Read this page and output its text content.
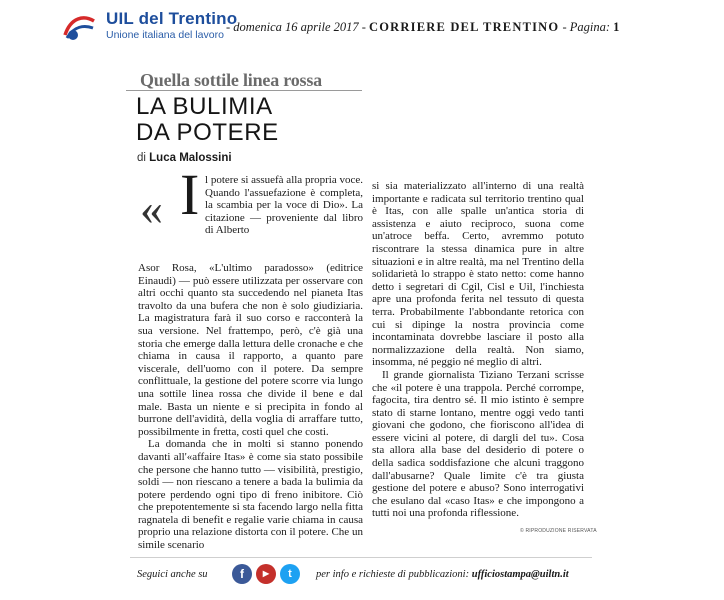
UIL del Trentino
Unione italiana del lavoro
- domenica 16 aprile 2017 - CORRIERE DEL TRENTINO - Pagina: 1
Quella sottile linea rossa
LA BULIMIA
DA POTERE
di Luca Malossini
« I l potere si assuefà alla propria voce. Quando l'assuefazione è completa, la scambia per la voce di Dio». La citazione — proveniente dal libro di Alberto

Asor Rosa, «L'ultimo paradosso» (editrice Einaudi) — può essere utilizzata per osservare con altri occhi quanto sta succedendo nel pianeta Itas travolto da una bufera che non è solo giudiziaria. La magistratura farà il suo corso e racconterà la sua versione. Nel frattempo, però, c'è già una storia che emerge dalla lettura delle cronache e che chiama in causa il rapporto, a quanto pare viscerale, dell'uomo con il potere. Da sempre conflittuale, la gestione del potere scorre via lungo una sottile linea rossa che divide il bene e dal male. Basta un niente e si precipita in fondo al burrone dell'avidità, della voglia di arraffare tutto, possibilmente in fretta, costi quel che costi.

La domanda che in molti si stanno ponendo davanti all'«affaire Itas» è come sia stato possibile che persone che hanno tutto — visibilità, prestigio, soldi — non riescano a tenere a bada la bulimia da potere perdendo ogni tipo di freno inibitore. Ciò che prepotentemente si sta facendo largo nella fitta ragnatela di benefit e regalie varie chiama in causa proprio una relazione distorta con il potere. Che un simile scenario

si sia materializzato all'interno di una realtà importante e radicata sul territorio trentino qual è Itas, con alle spalle un'antica storia di assistenza e aiuto reciproco, suona come un'atroce beffa. Certo, avremmo potuto riscontrare la stessa dinamica pure in altre situazioni e in altre realtà, ma nel Trentino della solidarietà lo strappo è stato netto: come hanno detto i segretari di Cgil, Cisl e Uil, l'inchiesta apre una profonda ferita nel tessuto di questa terra. Probabilmente l'abbondante retorica con cui si dipinge la nostra provincia come incontaminata dovrebbe lasciare il posto alla normalizzazione della realtà. Non siamo, insomma, né peggio né meglio di altri.

Il grande giornalista Tiziano Terzani scrisse che «il potere è una trappola. Perché corrompe, fagocita, tira dentro sé. Il mio istinto è sempre stato di starne lontano, mentre oggi vedo tanti giovani che godono, che fioriscono all'idea di essere vicini al potere, di dargli del tu». Cosa sta allora alla base del desiderio di potere o della sadica soddisfazione che alcuni traggono dall'abusarne? Quale limite c'è tra giusta gestione del potere e abuso? Sono interrogativi che esulano dal «caso Itas» e che impongono a tutti noi una profonda riflessione.

© RIPRODUZIONE RISERVATA
Seguici anche su	f	▶	t	per info e richieste di pubblicazioni: ufficiostampa@uiltn.it
